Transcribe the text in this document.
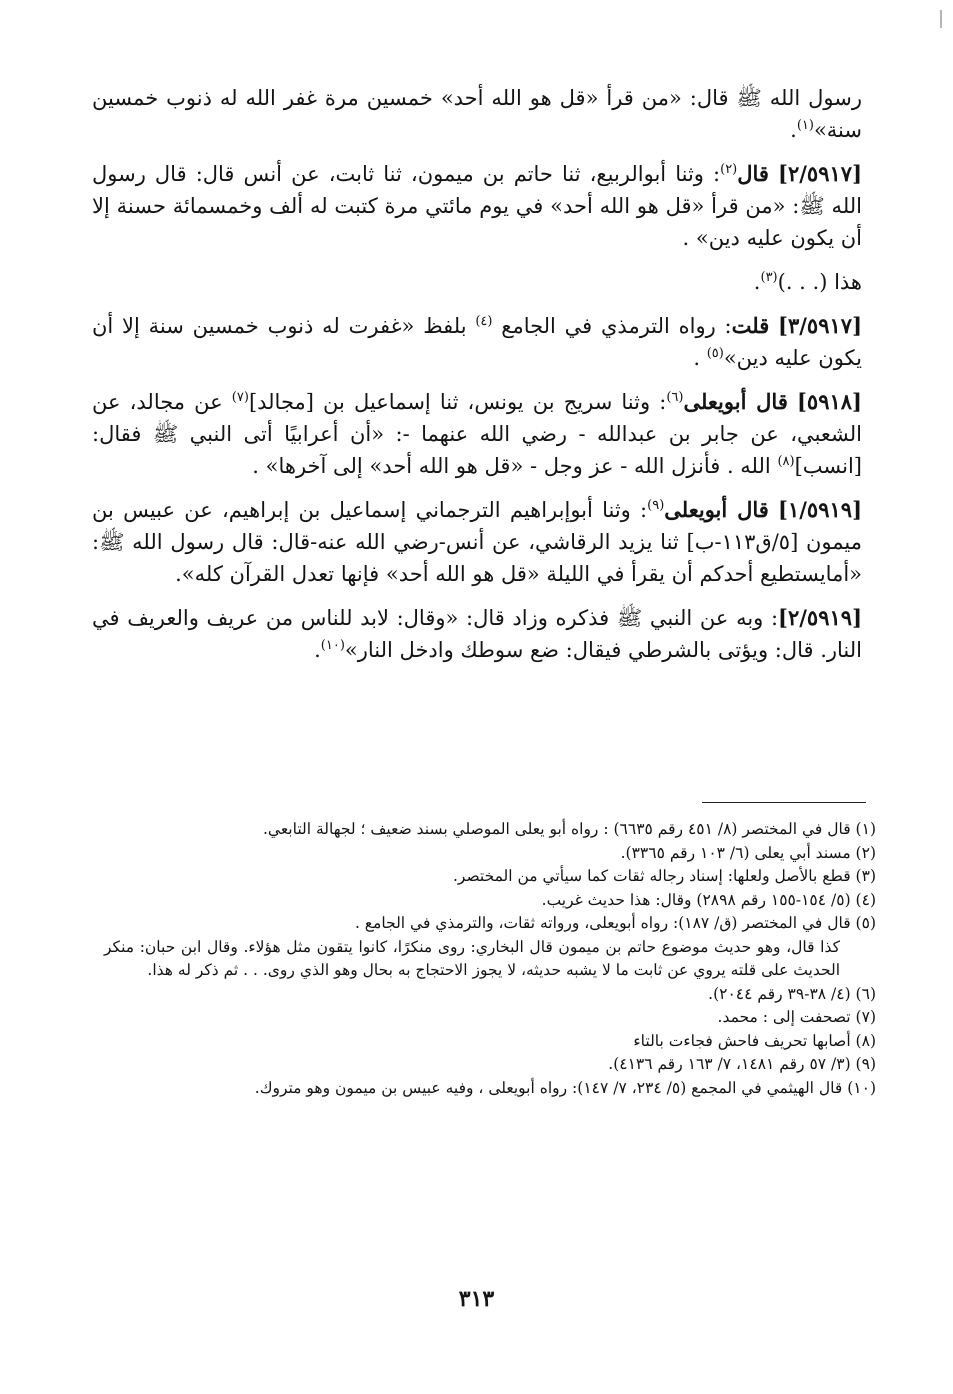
رسول الله ﷺ قال: «من قرأ «قل هو الله أحد» خمسين مرة غفر الله له ذنوب خمسين سنة»$^{(١)}$.

[٢/٥٩١٧] قال$^{(٢)}$: وثنا أبوالربيع، ثنا حاتم بن ميمون، ثنا ثابت، عن أنس قال: قال رسول الله ﷺ: «من قرأ «قل هو الله أحد» في يوم مائتي مرة كتبت له ألف وخمسمائة حسنة إلا أن يكون عليه دين» .

هذا (. . .)$^{(٣)}$.

[٣/٥٩١٧] قلت: رواه الترمذي في الجامع $^{(٤)}$ بلفظ «غفرت له ذنوب خمسين سنة إلا أن يكون عليه دين»$^{(٥)}$ .

[٥٩١٨] قال أبويعلى$^{(٦)}$: وثنا سريج بن يونس، ثنا إسماعيل بن [مجالد]$^{(٧)}$ عن مجالد، عن الشعبي، عن جابر بن عبدالله - رضي الله عنهما -: «أن أعرابيًا أتى النبي ﷺ فقال: [انسب]$^{(٨)}$ الله . فأنزل الله - عز وجل - «قل هو الله أحد» إلى آخرها» .

[١/٥٩١٩] قال أبويعلى$^{(٩)}$: وثنا أبوإبراهيم الترجماني إسماعيل بن إبراهيم، عن عبيس بن ميمون [٥/ق١١٣-ب] ثنا يزيد الرقاشي، عن أنس-رضي الله عنه-قال: قال رسول الله ﷺ: «أمايستطيع أحدكم أن يقرأ في الليلة «قل هو الله أحد» فإنها تعدل القرآن كله».

[٢/٥٩١٩]: وبه عن النبي ﷺ فذكره وزاد قال: «وقال: لابد للناس من عريف والعريف في النار. قال: ويؤتى بالشرطي فيقال: ضع سوطك وادخل النار»$^{(١٠)}$.

(١) قال في المختصر (٨/ ٤٥١ رقم ٦٦٣٥) : رواه أبو يعلى الموصلي بسند ضعيف ؛ لجهالة التابعي.
(٢) مسند أبي يعلى (٦/ ١٠٣ رقم ٣٣٦٥).
(٣) قطع بالأصل ولعلها: إسناد رجاله ثقات كما سيأتي من المختصر.
(٤) (٥/ ١٥٤-١٥٥ رقم ٢٨٩٨) وقال: هذا حديث غريب.
(٥) قال في المختصر (ق/ ١٨٧): رواه أبويعلى، ورواته ثقات، والترمذي في الجامع .
كذا قال، وهو حديث موضوع حاتم بن ميمون قال البخاري: روى منكرًا، كانوا يتقون مثل هؤلاء. وقال ابن حبان: منكر الحديث على قلته يروي عن ثابت ما لا يشبه حديثه، لا يجوز الاحتجاج به بحال وهو الذي روى. . . ثم ذكر له هذا.
(٦) (٤/ ٣٨-٣٩ رقم ٢٠٤٤).
(٧) تصحفت إلى : محمد.
(٨) أصابها تحريف فاحش فجاءت بالتاء
(٩) (٣/ ٥٧ رقم ١٤٨١، ٧/ ١٦٣ رقم ٤١٣٦).
(١٠) قال الهيثمي في المجمع (٥/ ٢٣٤، ٧/ ١٤٧): رواه أبويعلى ، وفيه عبيس بن ميمون وهو متروك.
٣١٣
